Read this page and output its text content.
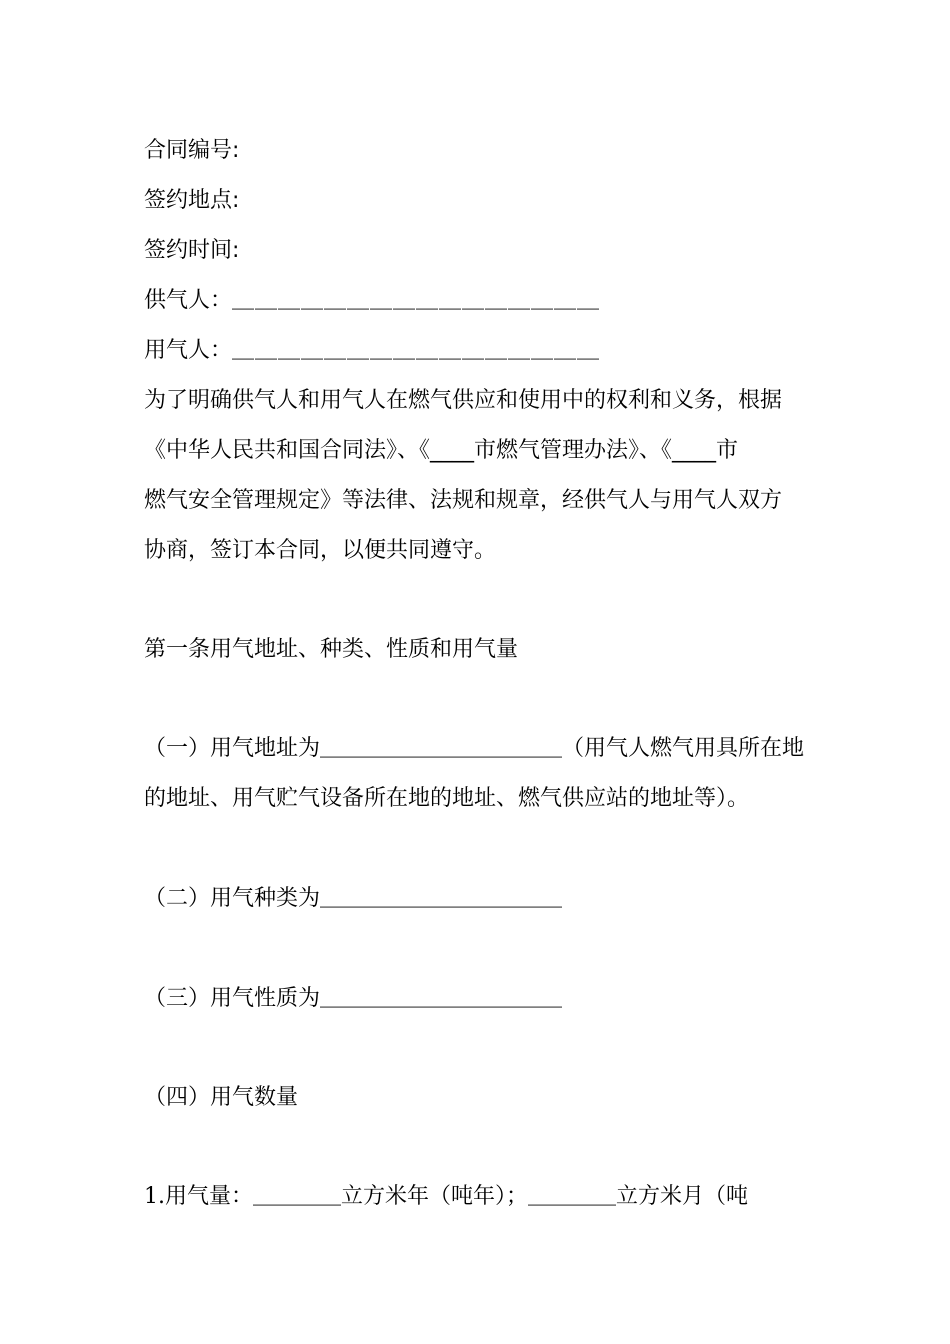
合同编号:
签约地点:
签约时间:
供气人：＿＿＿＿＿＿＿＿＿＿＿＿＿＿＿＿
用气人：＿＿＿＿＿＿＿＿＿＿＿＿＿＿＿＿
为了明确供气人和用气人在燃气供应和使用中的权利和义务，根据
《中华人民共和国合同法》、《____市燃气管理办法》、《____市
燃气安全管理规定》等法律、法规和规章，经供气人与用气人双方
协商，签订本合同，以便共同遵守。
第一条用气地址、种类、性质和用气量
（一）用气地址为＿＿＿＿＿＿＿＿＿＿＿（用气人燃气用具所在地
的地址、用气贮气设备所在地的地址、燃气供应站的地址等）。
（二）用气种类为＿＿＿＿＿＿＿＿＿＿＿
（三）用气性质为＿＿＿＿＿＿＿＿＿＿＿
（四）用气数量
1.用气量：＿＿＿＿立方米年（吨年）；＿＿＿＿立方米月（吨
